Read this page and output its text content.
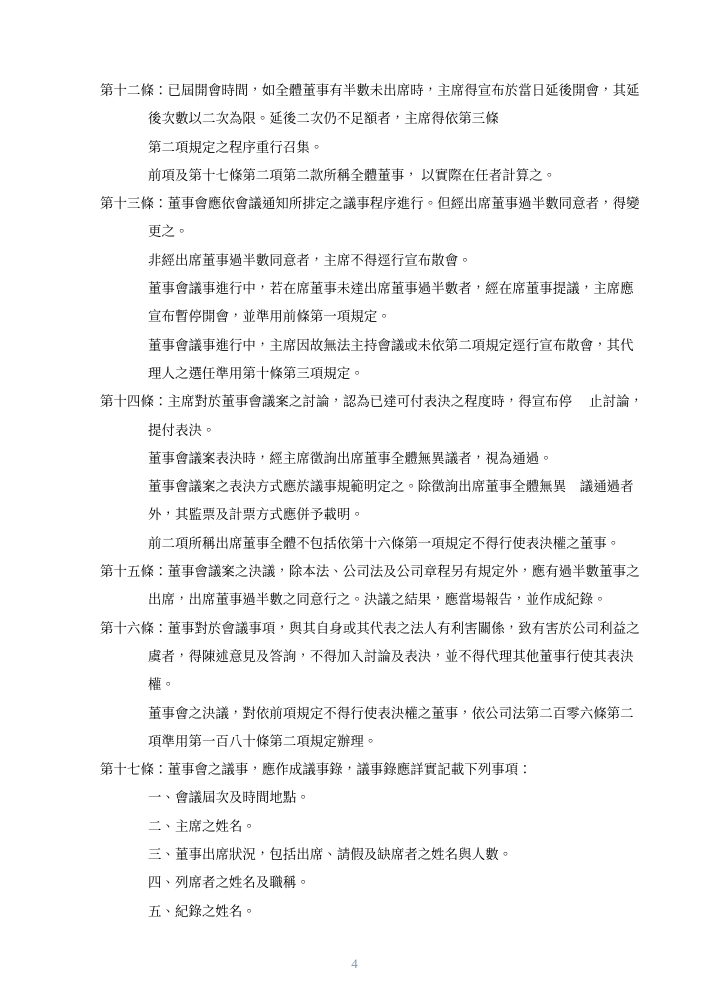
第十二條：已屆開會時間，如全體董事有半數未出席時，主席得宣布於當日延後開會，其延
後次數以二次為限。延後二次仍不足額者，主席得依第三條
第二項規定之程序重行召集。
前項及第十七條第二項第二款所稱全體董事， 以實際在任者計算之。
第十三條：董事會應依會議通知所排定之議事程序進行。但經出席董事過半數同意者，得變
更之。
非經出席董事過半數同意者，主席不得逕行宣布散會。
董事會議事進行中，若在席董事未達出席董事過半數者，經在席董事提議，主席應
宣布暫停開會，並準用前條第一項規定。
董事會議事進行中，主席因故無法主持會議或未依第二項規定逕行宣布散會，其代
理人之選任準用第十條第三項規定。
第十四條：主席對於董事會議案之討論，認為已達可付表決之程度時，得宣布停　 止討論，
提付表決。
董事會議案表決時，經主席徵詢出席董事全體無異議者，視為通過。
董事會議案之表決方式應於議事規範明定之。除徵詢出席董事全體無異　議通過者
外，其監票及計票方式應併予載明。
前二項所稱出席董事全體不包括依第十六條第一項規定不得行使表決權之董事。
第十五條：董事會議案之決議，除本法、公司法及公司章程另有規定外，應有過半數董事之
出席，出席董事過半數之同意行之。決議之結果，應當場報告，並作成紀錄。
第十六條：董事對於會議事項，與其自身或其代表之法人有利害關係，致有害於公司利益之
虞者，得陳述意見及答詢，不得加入討論及表決，並不得代理其他董事行使其表決
權。
董事會之決議，對依前項規定不得行使表決權之董事，依公司法第二百零六條第二
項準用第一百八十條第二項規定辦理。
第十七條：董事會之議事，應作成議事錄，議事錄應詳實記載下列事項：
一、會議屆次及時間地點。
二、主席之姓名。
三、董事出席狀況，包括出席、請假及缺席者之姓名與人數。
四、列席者之姓名及職稱。
五、紀錄之姓名。
4
